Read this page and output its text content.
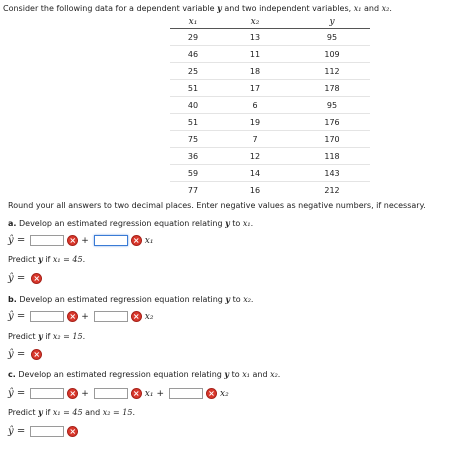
Consider the following data for a dependent variable y and two independent variables, x₁ and x₂.
x₁	x₂	y
29	13	95
46	11	109
25	18	112
51	17	178
40	6	95
51	19	176
75	7	170
36	12	118
59	14	143
77	16	212
Round your all answers to two decimal places. Enter negative values as negative numbers, if necessary.
a.
Develop an estimated regression equation relating
y
to
x₁ .
ŷ =	× +	× x₁
Predict
y
if
x₁ = 45.
ŷ = ×
b.
Develop an estimated regression equation relating
y
to
x₂ .
ŷ =	× +	× x₂
Predict
y
if
x₂ = 15.
ŷ = ×
c.
Develop an estimated regression equation relating
y
to
x₁
and
x₂ .
ŷ =	× +	× x₁ +	× x₂
Predict
y
if
x₁ = 45
and
x₂ = 15.
ŷ =	×
